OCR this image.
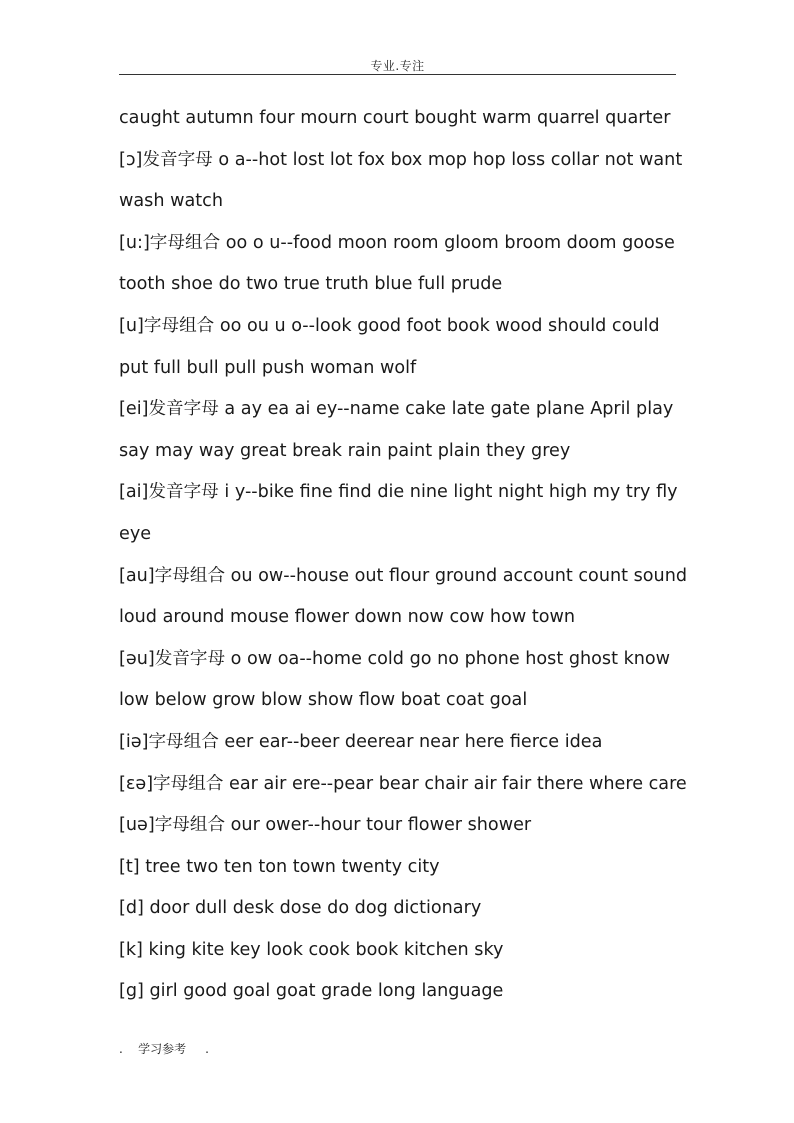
专业.专注
caught autumn four mourn court bought warm quarrel quarter
[ɔ]发音字母 o a--hot lost lot fox box mop hop loss collar not want
wash watch
[u:]字母组合 oo o u--food moon room gloom broom doom goose
tooth shoe do two true truth blue full prude
[u]字母组合 oo ou u o--look good foot book wood should could
put full bull pull push woman wolf
[ei]发音字母 a ay ea ai ey--name cake late gate plane April play
say may way great break rain paint plain they grey
[ai]发音字母 i y--bike fine find die nine light night high my try fly
eye
[au]字母组合 ou ow--house out flour ground account count sound
loud around mouse flower down now cow how town
[əu]发音字母 o ow oa--home cold go no phone host ghost know
low below grow blow show flow boat coat goal
[iə]字母组合 eer ear--beer deerear near here fierce idea
[εə]字母组合 ear air ere--pear bear chair air fair there where care
[uə]字母组合 our ower--hour tour flower shower
[t] tree two ten ton town twenty city
[d] door dull desk dose do dog dictionary
[k] king kite key look cook book kitchen sky
[g] girl good goal goat grade long language
.    学习参考     .
